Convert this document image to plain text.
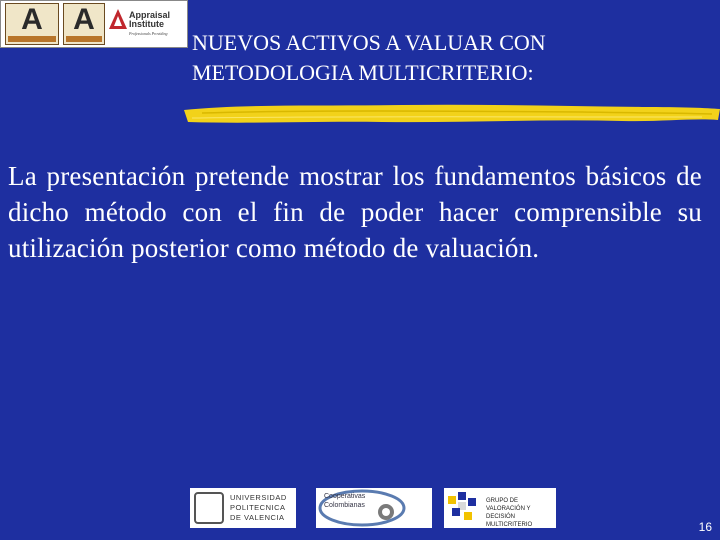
A	A	Appraisal
Institute
Professionals Providing NUEVOS ACTIVOS A VALUAR CON
METODOLOGIA MULTICRITERIO:
La presentación pretende mostrar los fundamentos básicos de dicho método con el fin de poder hacer comprensible su utilización posterior como método de valuación.
UNIVERSIDAD
POLITECNICA
DE VALENCIA
Cooperativas
Colombianas
GRUPO DE
VALORACIÓN Y
DECISIÓN MULTICRITERIO	16
